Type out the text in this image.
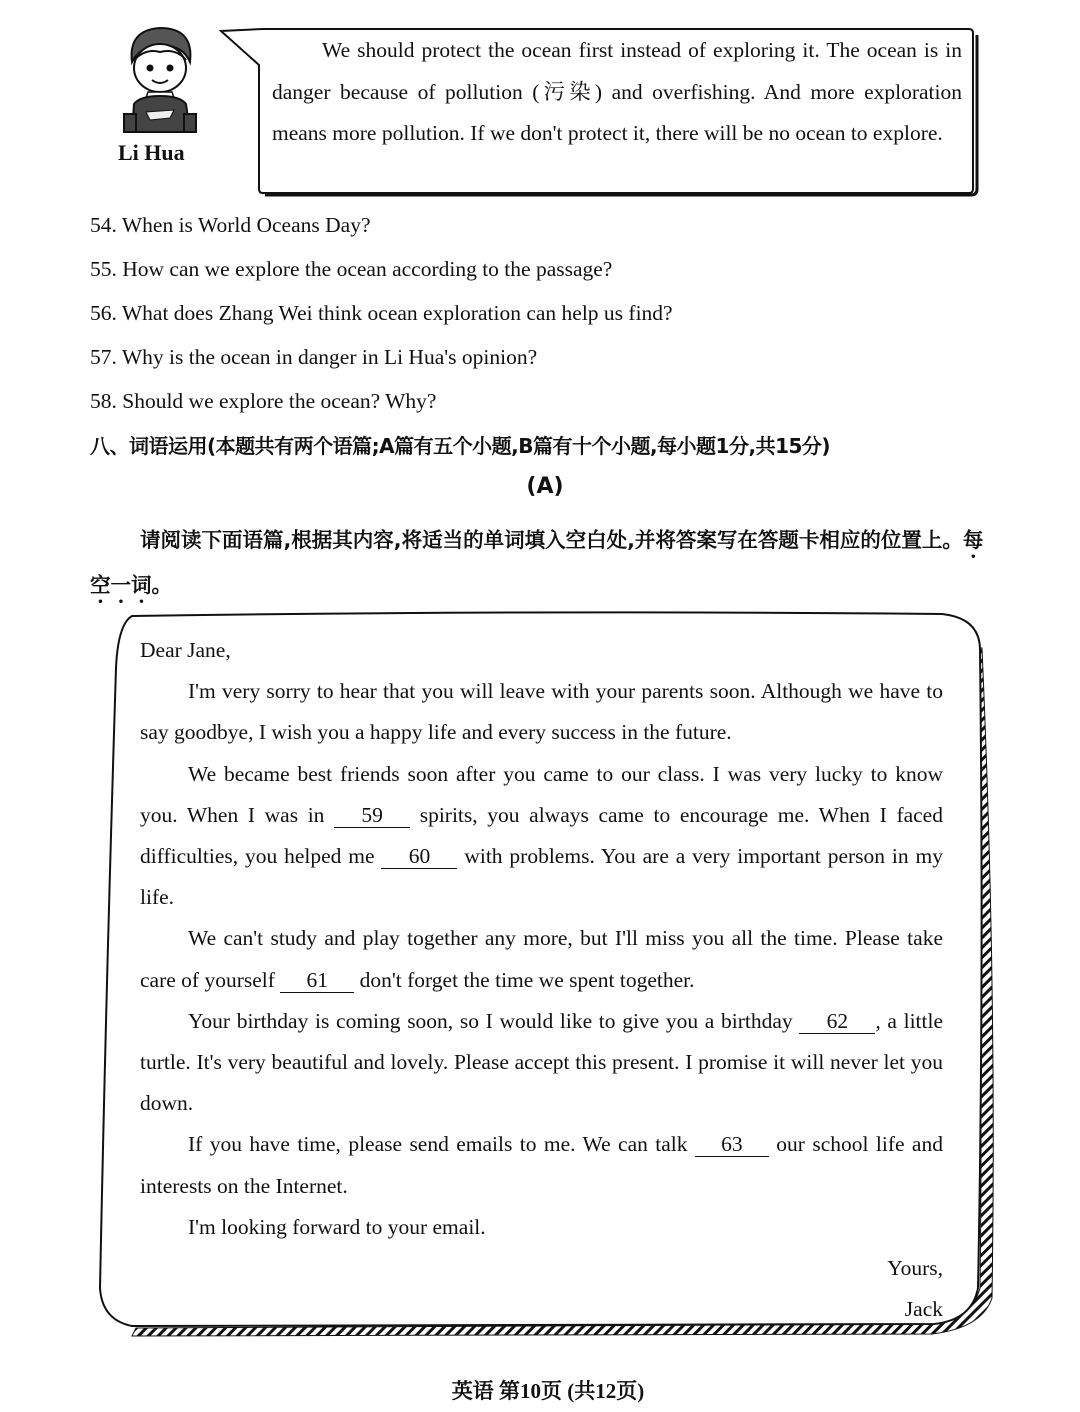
Li Hua
We should protect the ocean first instead of exploring it. The ocean is in danger because of pollution (污染) and overfishing. And more exploration means more pollution. If we don't protect it, there will be no ocean to explore.
54. When is World Oceans Day?
55. How can we explore the ocean according to the passage?
56. What does Zhang Wei think ocean exploration can help us find?
57. Why is the ocean in danger in Li Hua's opinion?
58. Should we explore the ocean? Why?
八、词语运用(本题共有两个语篇;A篇有五个小题,B篇有十个小题,每小题1分,共15分)
(A)
请阅读下面语篇,根据其内容,将适当的单词填入空白处,并将答案写在答题卡相应的位置上。每空一词。

Dear Jane,

I'm very sorry to hear that you will leave with your parents soon. Although we have to say goodbye, I wish you a happy life and every success in the future.

We became best friends soon after you came to our class. I was very lucky to know you. When I was in 59 spirits, you always came to encourage me. When I faced difficulties, you helped me 60 with problems. You are a very important person in my life.

We can't study and play together any more, but I'll miss you all the time. Please take care of yourself 61 don't forget the time we spent together.

Your birthday is coming soon, so I would like to give you a birthday 62 , a little turtle. It's very beautiful and lovely. Please accept this present. I promise it will never let you down.

If you have time, please send emails to me. We can talk 63 our school life and interests on the Internet.

I'm looking forward to your email.

Yours,

Jack

英语 第10页 (共12页)
